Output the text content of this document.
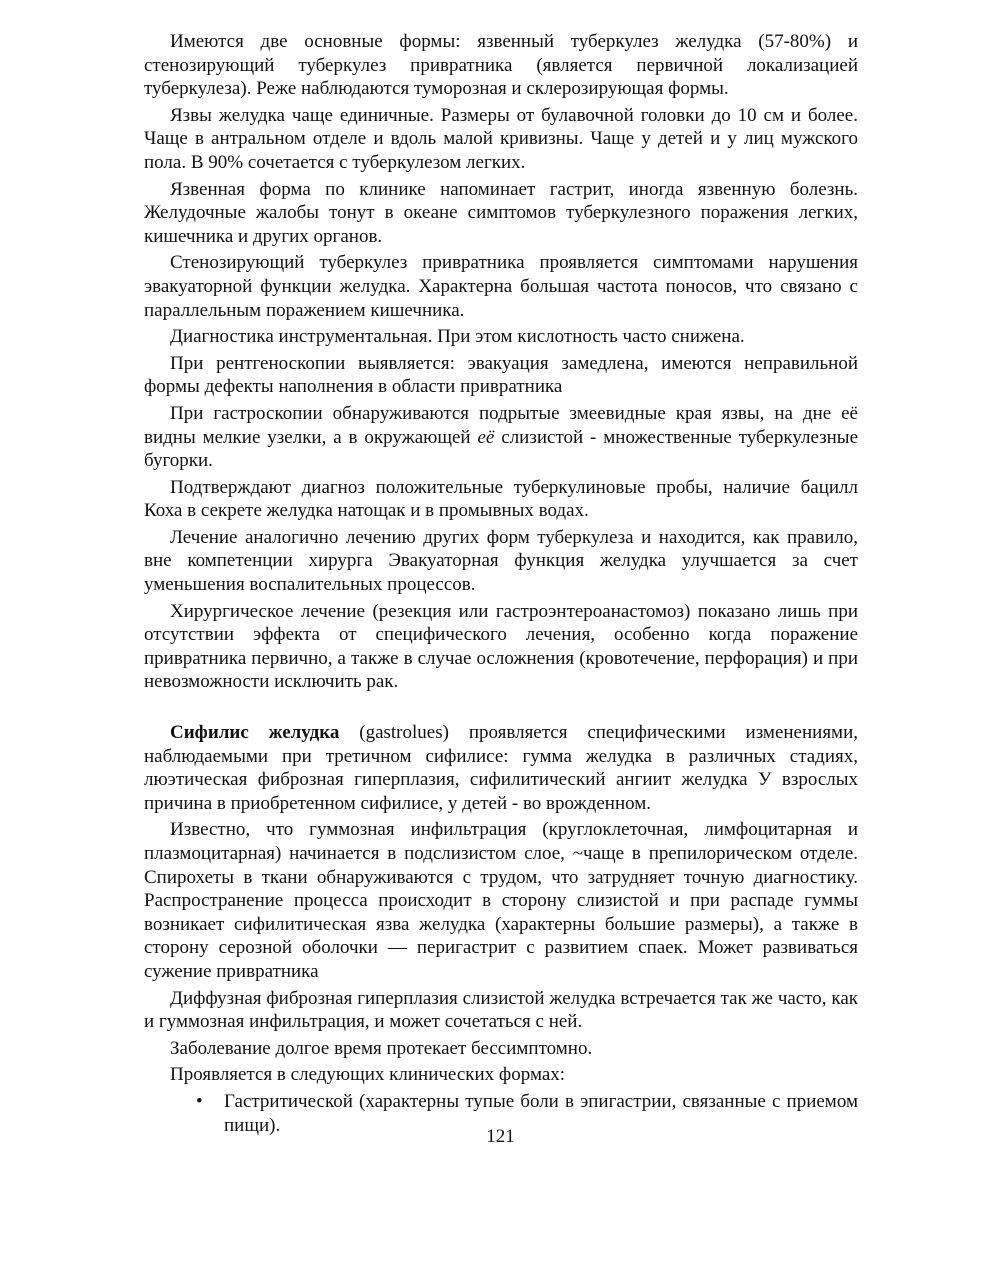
Имеются две основные формы: язвенный туберкулез желудка (57-80%) и стенозирующий туберкулез привратника (является первичной локализацией туберкулеза). Реже наблюдаются туморозная и склерозирующая формы.

Язвы желудка чаще единичные. Размеры от булавочной головки до 10 см и более. Чаще в антральном отделе и вдоль малой кривизны. Чаще у детей и у лиц мужского пола. В 90% сочетается с туберкулезом легких.

Язвенная форма по клинике напоминает гастрит, иногда язвенную болезнь. Желудочные жалобы тонут в океане симптомов туберкулезного поражения легких, кишечника и других органов.

Стенозирующий туберкулез привратника проявляется симптомами нарушения эвакуаторной функции желудка. Характерна большая частота поносов, что связано с параллельным поражением кишечника.

Диагностика инструментальная. При этом кислотность часто снижена.

При рентгеноскопии выявляется: эвакуация замедлена, имеются неправильной формы дефекты наполнения в области привратника

При гастроскопии обнаруживаются подрытые змеевидные края язвы, на дне её видны мелкие узелки, а в окружающей её слизистой - множественные туберкулезные бугорки.

Подтверждают диагноз положительные туберкулиновые пробы, наличие бацилл Коха в секрете желудка натощак и в промывных водах.

Лечение аналогично лечению других форм туберкулеза и находится, как правило, вне компетенции хирурга Эвакуаторная функция желудка улучшается за счет уменьшения воспалительных процессов.

Хирургическое лечение (резекция или гастроэнтероанастомоз) показано лишь при отсутствии эффекта от специфического лечения, особенно когда поражение привратника первично, а также в случае осложнения (кровотечение, перфорация) и при невозможности исключить рак.

Сифилис желудка (gastrolues) проявляется специфическими изменениями, наблюдаемыми при третичном сифилисе: гумма желудка в различных стадиях, люэтическая фиброзная гиперплазия, сифилитический ангиит желудка У взрослых причина в приобретенном сифилисе, у детей - во врожденном.

Известно, что гуммозная инфильтрация (круглоклеточная, лимфоцитарная и плазмоцитарная) начинается в подслизистом слое, ~чаще в препилорическом отделе. Спирохеты в ткани обнаруживаются с трудом, что затрудняет точную диагностику. Распространение процесса происходит в сторону слизистой и при распаде гуммы возникает сифилитическая язва желудка (характерны большие размеры), а также в сторону серозной оболочки — перигастрит с развитием спаек. Может развиваться сужение привратника

Диффузная фиброзная гиперплазия слизистой желудка встречается так же часто, как и гуммозная инфильтрация, и может сочетаться с ней.

Заболевание долгое время протекает бессимптомно.

Проявляется в следующих клинических формах:

• Гастритической (характерны тупые боли в эпигастрии, связанные с приемом пищи).
121
